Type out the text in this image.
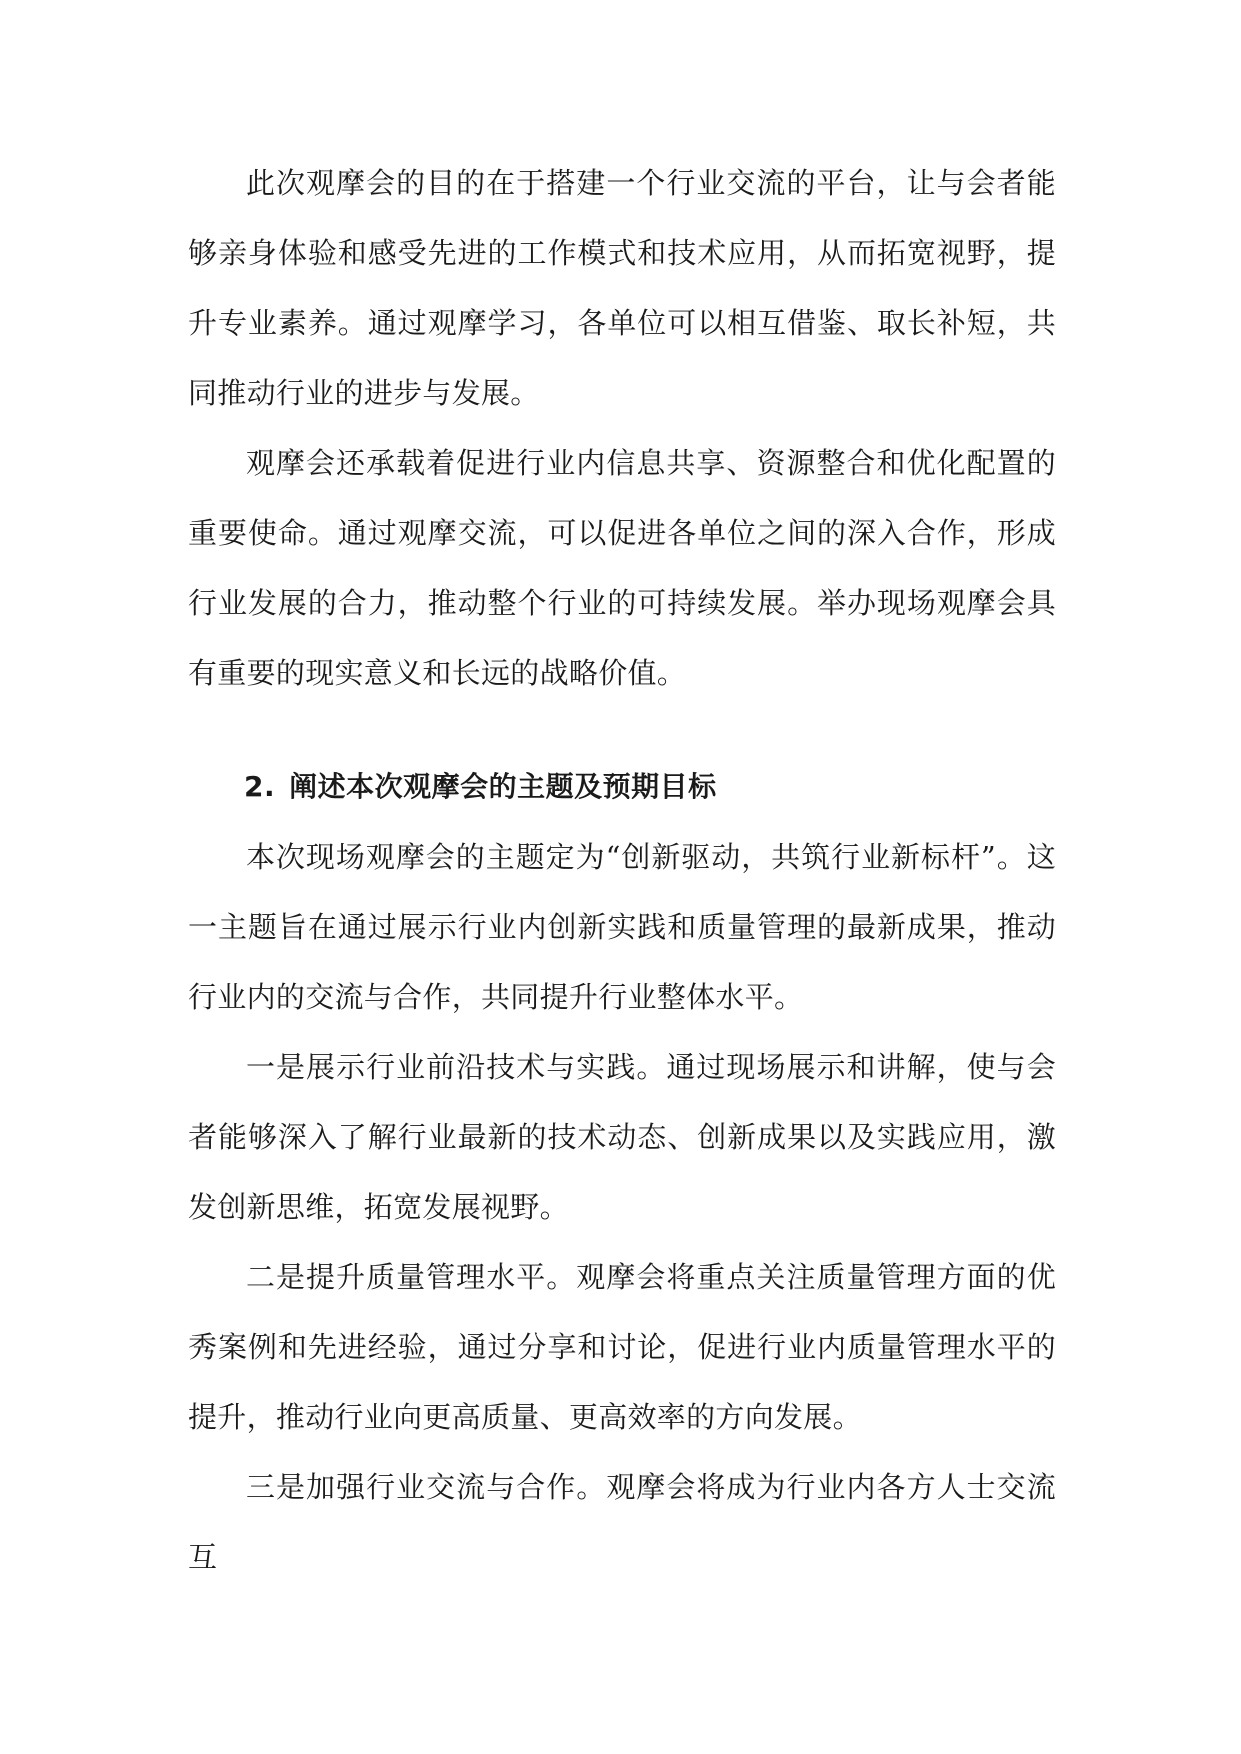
此次观摩会的目的在于搭建一个行业交流的平台，让与会者能够亲身体验和感受先进的工作模式和技术应用，从而拓宽视野，提升专业素养。通过观摩学习，各单位可以相互借鉴、取长补短，共同推动行业的进步与发展。

观摩会还承载着促进行业内信息共享、资源整合和优化配置的重要使命。通过观摩交流，可以促进各单位之间的深入合作，形成行业发展的合力，推动整个行业的可持续发展。举办现场观摩会具有重要的现实意义和长远的战略价值。

2. 阐述本次观摩会的主题及预期目标

本次现场观摩会的主题定为“创新驱动，共筑行业新标杆”。这一主题旨在通过展示行业内创新实践和质量管理的最新成果，推动行业内的交流与合作，共同提升行业整体水平。

一是展示行业前沿技术与实践。通过现场展示和讲解，使与会者能够深入了解行业最新的技术动态、创新成果以及实践应用，激发创新思维，拓宽发展视野。

二是提升质量管理水平。观摩会将重点关注质量管理方面的优秀案例和先进经验，通过分享和讨论，促进行业内质量管理水平的提升，推动行业向更高质量、更高效率的方向发展。

三是加强行业交流与合作。观摩会将成为行业内各方人士交流互
